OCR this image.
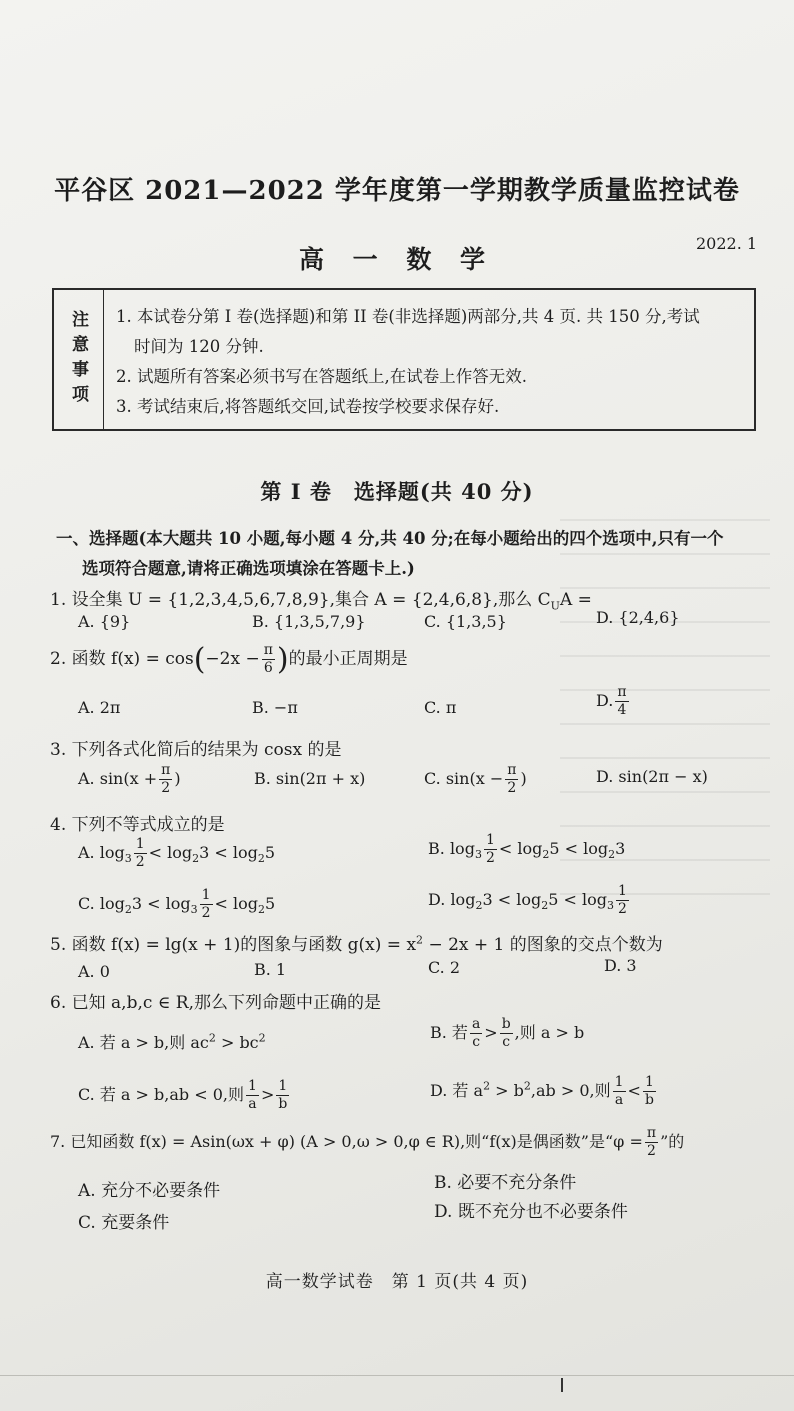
平谷区 2021—2022 学年度第一学期教学质量监控试卷
高 一 数 学
2022. 1
注意事项 1. 本试卷分第 I 卷(选择题)和第 II 卷(非选择题)两部分,共 4 页. 共 150 分,考试
时间为 120 分钟.
2. 试题所有答案必须书写在答题纸上,在试卷上作答无效.
3. 考试结束后,将答题纸交回,试卷按学校要求保存好.
第 I 卷　选择题(共 40 分)
一、选择题(本大题共 10 小题,每小题 4 分,共 40 分;在每小题给出的四个选项中,只有一个
选项符合题意,请将正确选项填涂在答题卡上.)
1. 设全集 U = {1,2,3,4,5,6,7,8,9},集合 A = {2,4,6,8},那么 $C_UA$ =
A. {9}	B. {1,3,5,7,9}	C. {1,3,5}	D. {2,4,6}
2. 函数 $f(x) = \cos(-2x - \frac{\pi}{6}$ )的最小正周期是
A. 2π	B. −π	C. π	D. $\frac{\pi}{4}$
3. 下列各式化简后的结果为 cosx 的是
A. $\sin(x + \frac{\pi}{2}$ )	B. sin(2π + x)	C. $\sin(x - \frac{\pi}{2}$ )	D. sin(2π − x)
4. 下列不等式成立的是
A. $\log_3 \frac{1}{2} < \log_23 < \log_25$	B. $\log_3 \frac{1}{2} < \log_25 < \log_23$
C. $\log_23 < \log_3 \frac{1}{2} < \log_25$	D. $\log_23 < \log_25 < \log_3 \frac{1}{2}$
5. 函数 f(x) = lg(x + 1)的图象与函数 $g(x) = x^2 - 2x + 1$ 的图象的交点个数为
A. 0	B. 1	C. 2	D. 3
6. 已知 a,b,c ∈ R,那么下列命题中正确的是
A. 若 a > b,则 $ac^2 > bc^2$	B. 若 $\frac{a}{c} > \frac{b}{c}$ ,则 a > b
C. 若 a > b,ab < 0,则 $\frac{1}{a} > \frac{1}{b}$	D. 若 $a^2 > b^2,ab > 0$,则 $\frac{1}{a} < \frac{1}{b}$
7. 已知函数 f(x) = Asin(ωx + φ) (A > 0,ω > 0,φ ∈ R),则“f(x)是偶函数”是“$\varphi = \frac{\pi}{2}$ ”的
A. 充分不必要条件	B. 必要不充分条件
C. 充要条件
D. 既不充分也不必要条件
高一数学试卷　第 1 页(共 4 页)
